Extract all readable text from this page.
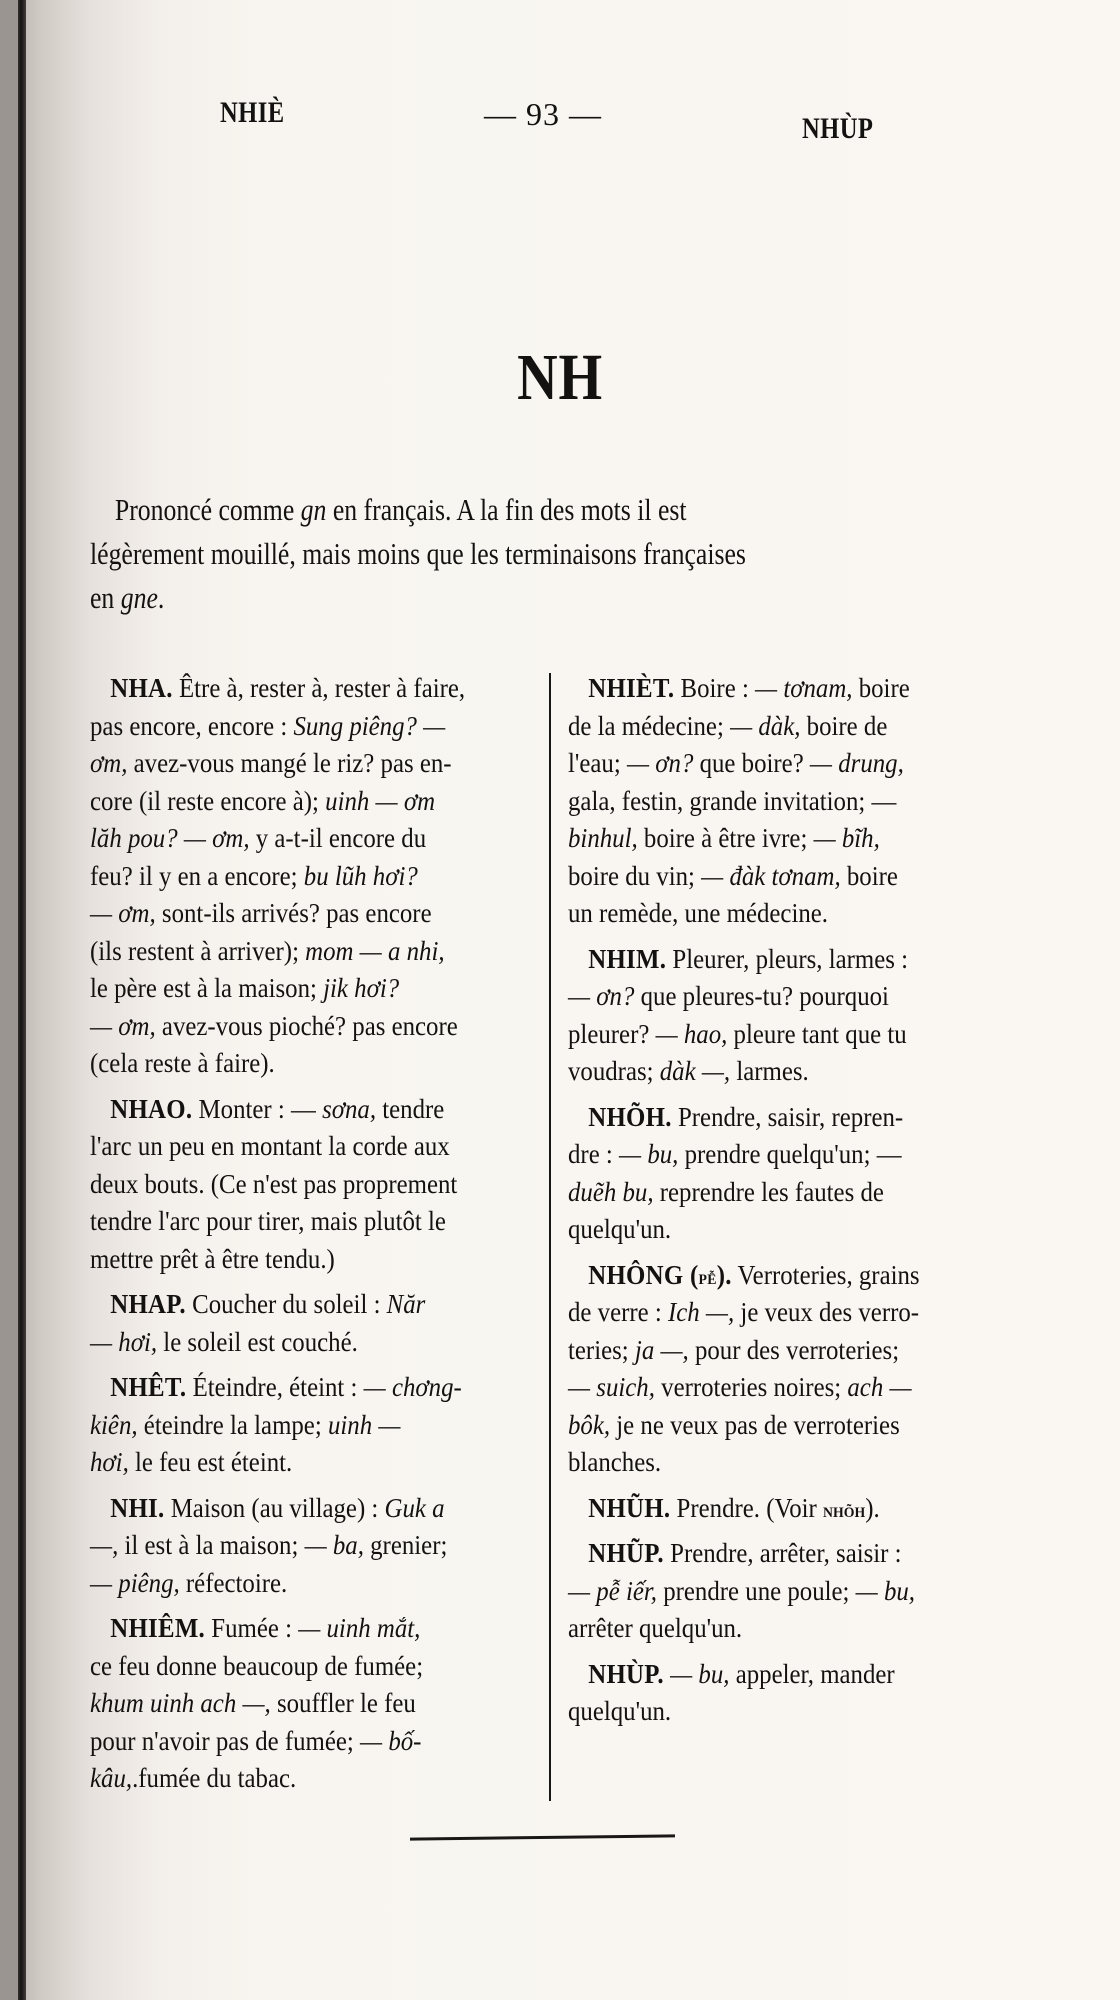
NHIÈ	— 93 —	NHÙP
NH
Prononcé comme gn en français. A la fin des mots il est
légèrement mouillé, mais moins que les terminaisons françaises
en gne.
NHA. Être à, rester à, rester à faire,
pas encore, encore : Sung piêng? —
ơm, avez-vous mangé le riz? pas en-
core (il reste encore à); uinh — ơm
lăh pou? — ơm, y a-t-il encore du
feu? il y en a encore; bu lũh hơi?
— ơm, sont-ils arrivés? pas encore
(ils restent à arriver); mom — a nhi,
le père est à la maison; jik hơi?
— ơm, avez-vous pioché? pas encore
(cela reste à faire).
NHAO. Monter : — sơna, tendre
l'arc un peu en montant la corde aux
deux bouts. (Ce n'est pas proprement
tendre l'arc pour tirer, mais plutôt le
mettre prêt à être tendu.)
NHAP. Coucher du soleil : Năr
— hơi, le soleil est couché.
NHÊT. Éteindre, éteint : — chơng-
kiên, éteindre la lampe; uinh —
hơi, le feu est éteint.
NHI. Maison (au village) : Guk a
—, il est à la maison; — ba, grenier;
— piêng, réfectoire.
NHIÊM. Fumée : — uinh mắt,
ce feu donne beaucoup de fumée;
khum uinh ach —, souffler le feu
pour n'avoir pas de fumée; — bố-
kâu,.fumée du tabac.
NHIÈT. Boire : — tơnam, boire
de la médecine; — dàk, boire de
l'eau; — ơn? que boire? — drung,
gala, festin, grande invitation; —
binhul, boire à être ivre; — bĩh,
boire du vin; — đàk tơnam, boire
un remède, une médecine.
NHIM. Pleurer, pleurs, larmes :
— ơn? que pleures-tu? pourquoi
pleurer? — hao, pleure tant que tu
voudras; dàk —, larmes.
NHÕH. Prendre, saisir, repren-
dre : — bu, prendre quelqu'un; —
duẽh bu, reprendre les fautes de
quelqu'un.
NHÔNG (pễ). Verroteries, grains
de verre : Ich —, je veux des verro-
teries; ja —, pour des verroteries;
— suich, verroteries noires; ach —
bôk, je ne veux pas de verroteries
blanches.
NHŨH. Prendre. (Voir nhõh).
NHŨP. Prendre, arrêter, saisir :
— pễ iếr, prendre une poule; — bu,
arrêter quelqu'un.
NHÙP. — bu, appeler, mander
quelqu'un.
